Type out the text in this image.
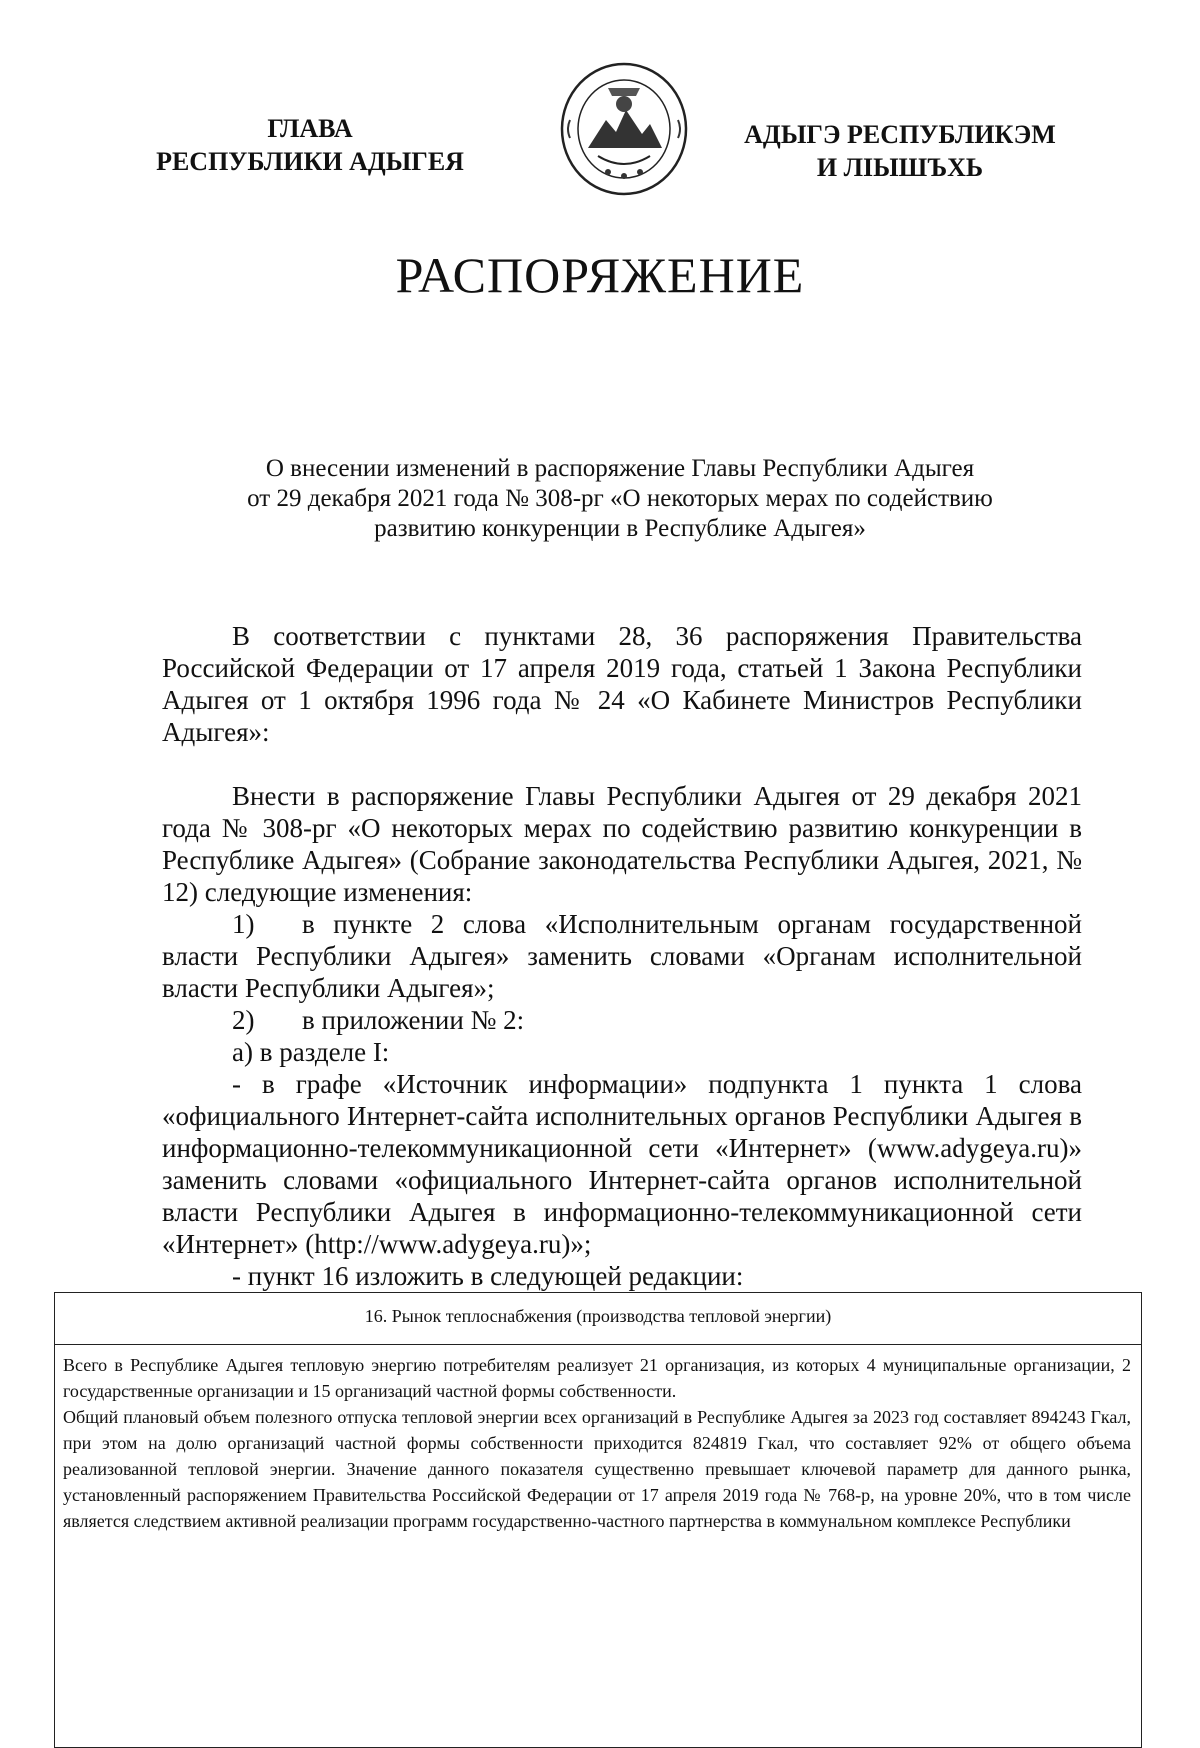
ГЛАВА
РЕСПУБЛИКИ АДЫГЕЯ
АДЫГЭ РЕСПУБЛИКЭМ
И ЛIЫШЪХЬ
РАСПОРЯЖЕНИЕ
О внесении изменений в распоряжение Главы Республики Адыгея
от 29 декабря 2021 года № 308-рг «О некоторых мерах по содействию
развитию конкуренции в Республике Адыгея»
В соответствии с пунктами 28, 36 распоряжения Правительства Российской Федерации от 17 апреля 2019 года, статьей 1 Закона Республики Адыгея от 1 октября 1996 года № 24 «О Кабинете Министров Республики Адыгея»:
Внести в распоряжение Главы Республики Адыгея от 29 декабря 2021 года № 308-рг «О некоторых мерах по содействию развитию конкуренции в Республике Адыгея» (Собрание законодательства Республики Адыгея, 2021, № 12) следующие изменения:
1) в пункте 2 слова «Исполнительным органам государственной
власти Республики Адыгея» заменить словами «Органам исполнительной
власти Республики Адыгея»;
2) в приложении № 2:
а) в разделе I:
- в графе «Источник информации» подпункта 1 пункта 1 слова «официального Интернет-сайта исполнительных органов Республики Адыгея в информационно-телекоммуникационной сети «Интернет» (www.adygeya.ru)» заменить словами «официального Интернет-сайта органов исполнительной власти Республики Адыгея в информационно-телекоммуникационной сети «Интернет» (http://www.adygeya.ru)»;
- пункт 16 изложить в следующей редакции:
16. Рынок теплоснабжения (производства тепловой энергии)

Всего в Республике Адыгея тепловую энергию потребителям реализует 21 организация, из которых 4 муниципальные организации, 2 государственные организации и 15 организаций частной формы собственности.

Общий плановый объем полезного отпуска тепловой энергии всех организаций в Республике Адыгея за 2023 год составляет 894243 Гкал, при этом на долю организаций частной формы собственности приходится 824819 Гкал, что составляет 92% от общего объема реализованной тепловой энергии. Значение данного показателя существенно превышает ключевой параметр для данного рынка, установленный распоряжением Правительства Российской Федерации от 17 апреля 2019 года № 768-р, на уровне 20%, что в том числе является следствием активной реализации программ государственно-частного партнерства в коммунальном комплексе Республики
